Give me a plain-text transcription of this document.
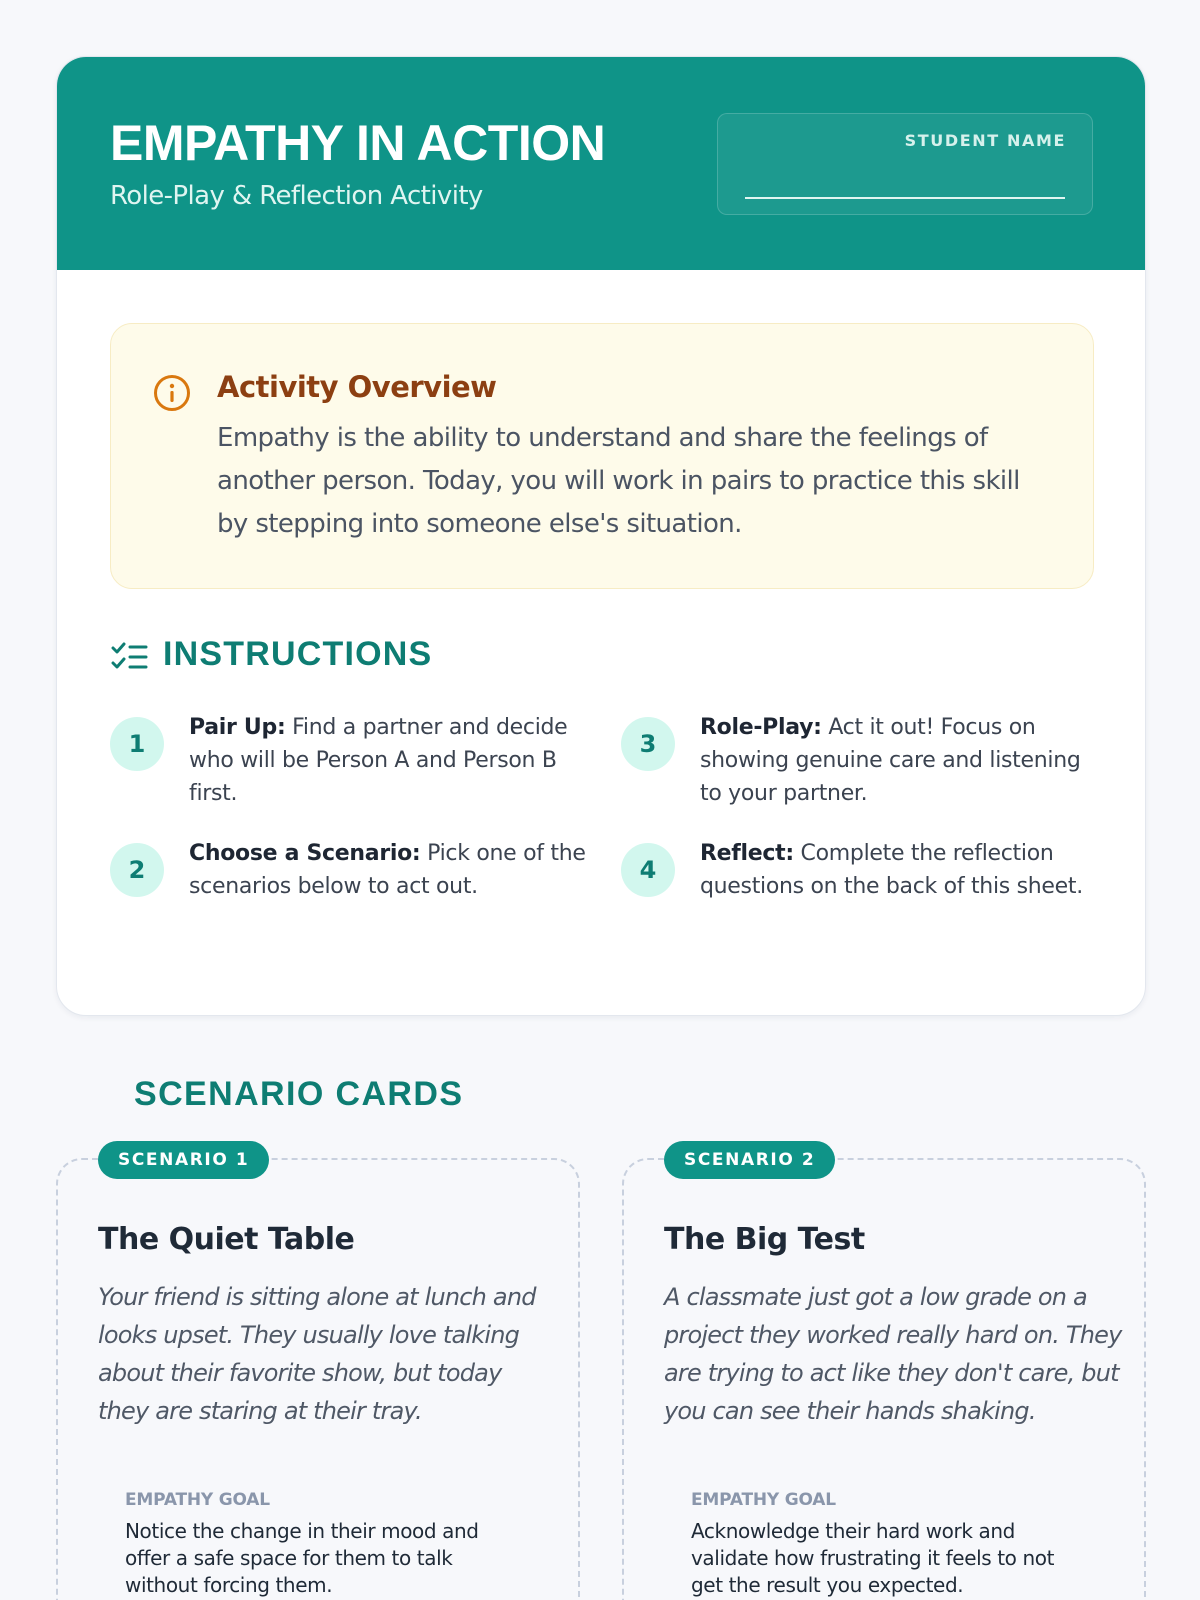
EMPATHY IN ACTION
Role-Play & Reflection Activity
STUDENT NAME
Activity Overview
Empathy is the ability to understand and share the feelings of another person. Today, you will work in pairs to practice this skill by stepping into someone else's situation.
INSTRUCTIONS
1
Pair Up: Find a partner and decide who will be Person A and Person B first.
2
Choose a Scenario: Pick one of the scenarios below to act out.
3
Role-Play: Act it out! Focus on showing genuine care and listening to your partner.
4
Reflect: Complete the reflection questions on the back of this sheet.
SCENARIO CARDS
SCENARIO 1
The Quiet Table
Your friend is sitting alone at lunch and looks upset. They usually love talking about their favorite show, but today they are staring at their tray.
EMPATHY GOAL
Notice the change in their mood and offer a safe space for them to talk without forcing them.
SCENARIO 2
The Big Test
A classmate just got a low grade on a project they worked really hard on. They are trying to act like they don't care, but you can see their hands shaking.
EMPATHY GOAL
Acknowledge their hard work and validate how frustrating it feels to not get the result you expected.
